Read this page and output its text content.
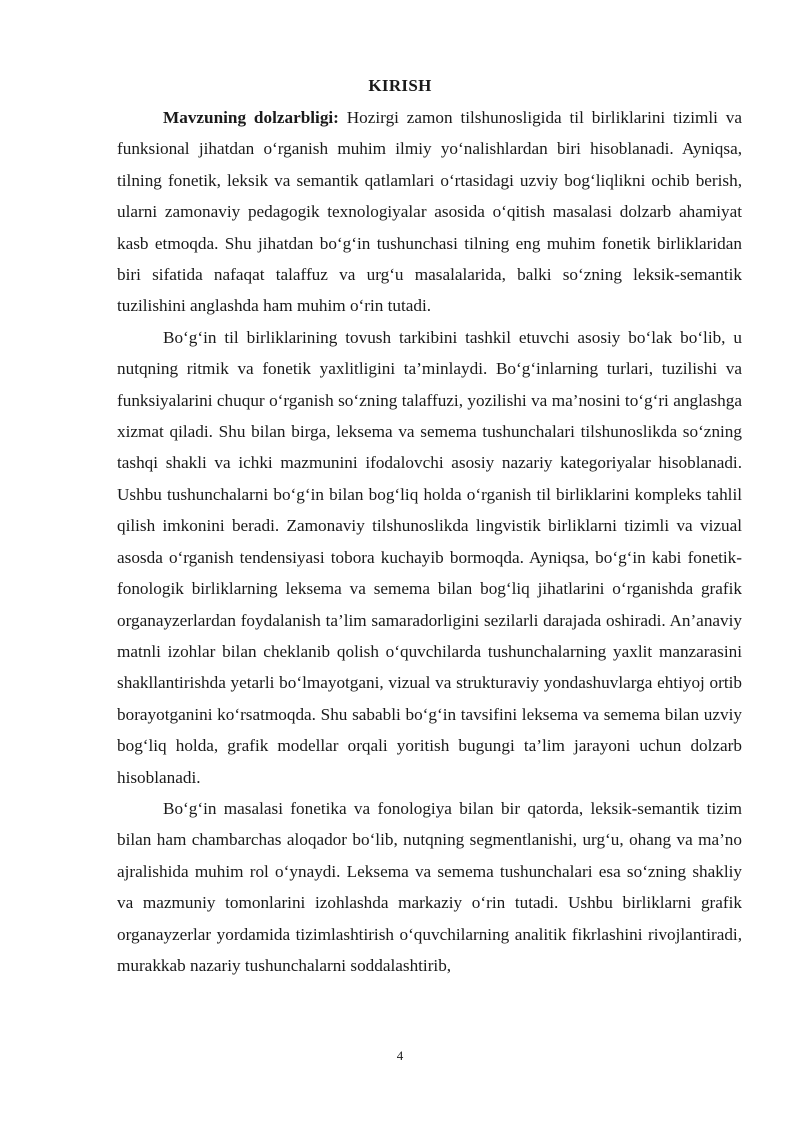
KIRISH

Mavzuning dolzarbligi: Hozirgi zamon tilshunosligida til birliklarini tizimli va funksional jihatdan o‘rganish muhim ilmiy yo‘nalishlardan biri hisoblanadi. Ayniqsa, tilning fonetik, leksik va semantik qatlamlari o‘rtasidagi uzviy bog‘liqlikni ochib berish, ularni zamonaviy pedagogik texnologiyalar asosida o‘qitish masalasi dolzarb ahamiyat kasb etmoqda. Shu jihatdan bo‘g‘in tushunchasi tilning eng muhim fonetik birliklaridan biri sifatida nafaqat talaffuz va urg‘u masalalarida, balki so‘zning leksik-semantik tuzilishini anglashda ham muhim o‘rin tutadi.

Bo‘g‘in til birliklarining tovush tarkibini tashkil etuvchi asosiy bo‘lak bo‘lib, u nutqning ritmik va fonetik yaxlitligini ta’minlaydi. Bo‘g‘inlarning turlari, tuzilishi va funksiyalarini chuqur o‘rganish so‘zning talaffuzi, yozilishi va ma’nosini to‘g‘ri anglashga xizmat qiladi. Shu bilan birga, leksema va semema tushunchalari tilshunoslikda so‘zning tashqi shakli va ichki mazmunini ifodalovchi asosiy nazariy kategoriyalar hisoblanadi. Ushbu tushunchalarni bo‘g‘in bilan bog‘liq holda o‘rganish til birliklarini kompleks tahlil qilish imkonini beradi. Zamonaviy tilshunoslikda lingvistik birliklarni tizimli va vizual asosda o‘rganish tendensiyasi tobora kuchayib bormoqda. Ayniqsa, bo‘g‘in kabi fonetik-fonologik birliklarning leksema va semema bilan bog‘liq jihatlarini o‘rganishda grafik organayzerlardan foydalanish ta’lim samaradorligini sezilarli darajada oshiradi. An’anaviy matnli izohlar bilan cheklanib qolish o‘quvchilarda tushunchalarning yaxlit manzarasini shakllantirishda yetarli bo‘lmayotgani, vizual va strukturaviy yondashuvlarga ehtiyoj ortib borayotganini ko‘rsatmoqda. Shu sababli bo‘g‘in tavsifini leksema va semema bilan uzviy bog‘liq holda, grafik modellar orqali yoritish bugungi ta’lim jarayoni uchun dolzarb hisoblanadi.

Bo‘g‘in masalasi fonetika va fonologiya bilan bir qatorda, leksik-semantik tizim bilan ham chambarchas aloqador bo‘lib, nutqning segmentlanishi, urg‘u, ohang va ma’no ajralishida muhim rol o‘ynaydi. Leksema va semema tushunchalari esa so‘zning shakliy va mazmuniy tomonlarini izohlashda markaziy o‘rin tutadi. Ushbu birliklarni grafik organayzerlar yordamida tizimlashtirish o‘quvchilarning analitik fikrlashini rivojlantiradi, murakkab nazariy tushunchalarni soddalashtirib,

4
